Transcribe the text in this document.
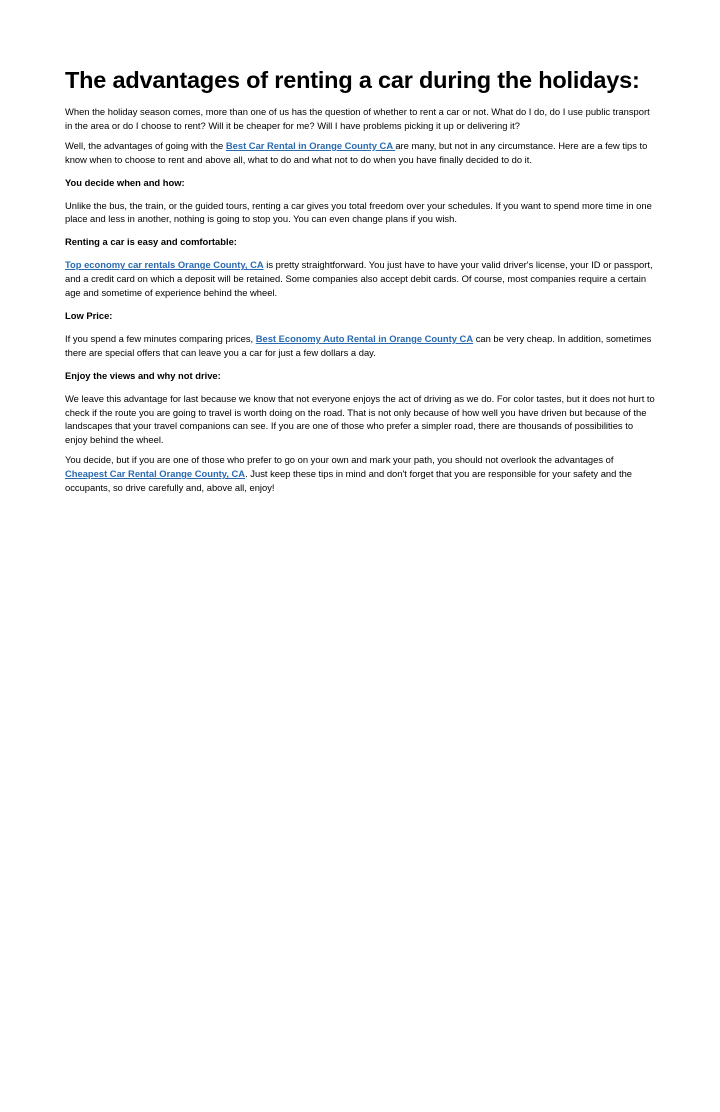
The advantages of renting a car during the holidays:

When the holiday season comes, more than one of us has the question of whether to rent a car or not. What do I do, do I use public transport in the area or do I choose to rent? Will it be cheaper for me? Will I have problems picking it up or delivering it?

Well, the advantages of going with the Best Car Rental in Orange County CA are many, but not in any circumstance. Here are a few tips to know when to choose to rent and above all, what to do and what not to do when you have finally decided to do it.

You decide when and how:

Unlike the bus, the train, or the guided tours, renting a car gives you total freedom over your schedules. If you want to spend more time in one place and less in another, nothing is going to stop you. You can even change plans if you wish.

Renting a car is easy and comfortable:

Top economy car rentals Orange County, CA is pretty straightforward. You just have to have your valid driver's license, your ID or passport, and a credit card on which a deposit will be retained. Some companies also accept debit cards. Of course, most companies require a certain age and sometime of experience behind the wheel.

Low Price:

If you spend a few minutes comparing prices, Best Economy Auto Rental in Orange County CA can be very cheap. In addition, sometimes there are special offers that can leave you a car for just a few dollars a day.

Enjoy the views and why not drive:

We leave this advantage for last because we know that not everyone enjoys the act of driving as we do. For color tastes, but it does not hurt to check if the route you are going to travel is worth doing on the road. That is not only because of how well you have driven but because of the landscapes that your travel companions can see. If you are one of those who prefer a simpler road, there are thousands of possibilities to enjoy behind the wheel.

You decide, but if you are one of those who prefer to go on your own and mark your path, you should not overlook the advantages of Cheapest Car Rental Orange County, CA. Just keep these tips in mind and don't forget that you are responsible for your safety and the occupants, so drive carefully and, above all, enjoy!
